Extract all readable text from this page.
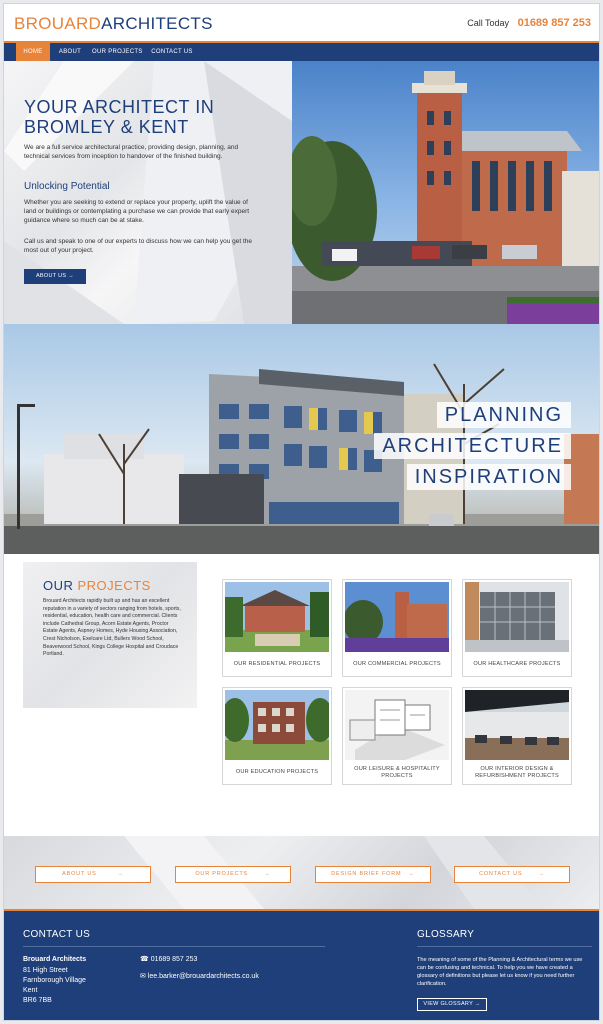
BROUARDARCHITECTS	Call Today 01689 857 253
HOME	ABOUT	OUR PROJECTS CONTACT US
YOUR ARCHITECT IN
BROMLEY & KENT

We are a full service architectural practice, providing design, planning, and technical services from inception to handover of the finished building.

Unlocking Potential

Whether you are seeking to extend or replace your property, uplift the value of land or buildings or contemplating a purchase we can provide that early expert guidance where so much can be at stake.

Call us and speak to one of our experts to discuss how we can help you get the most out of your project.

ABOUT US →
PLANNING
ARCHITECTURE
INSPIRATION
OUR PROJECTS

Brouard Architects rapidly built up and has an excellent reputation in a variety of sectors ranging from hotels, sports, residential, education, health care and commercial. Clients include Cathedral Group, Acorn Estate Agents, Proctor Estate Agents, Aspney Homes, Hyde Housing Association, Crest Nicholson, Exelcare Ltd, Bullers Wood School, Beaverwood School, Kings College Hospital and Croudace Portland.

OUR RESIDENTIAL PROJECTS	OUR COMMERCIAL PROJECTS	OUR HEALTHCARE PROJECTS
OUR EDUCATION PROJECTS
OUR LEISURE & HOSPITALITY PROJECTS
OUR INTERIOR DESIGN & REFURBISHMENT PROJECTS
ABOUT US	→	OUR PROJECTS	→	DESIGN BRIEF FORM →	CONTACT US	→
CONTACT US
Brouard Architects
81 High Street
Farnborough Village
Kent
BR6 7BB
☎ 01689 857 253
✉ lee.barker@brouardarchitects.co.uk
GLOSSARY

The meaning of some of the Planning & Architectural terms we use can be confusing and technical. To help you we have created a glossary of definitions but please let us know if you need further clarification.

VIEW GLOSSARY →
